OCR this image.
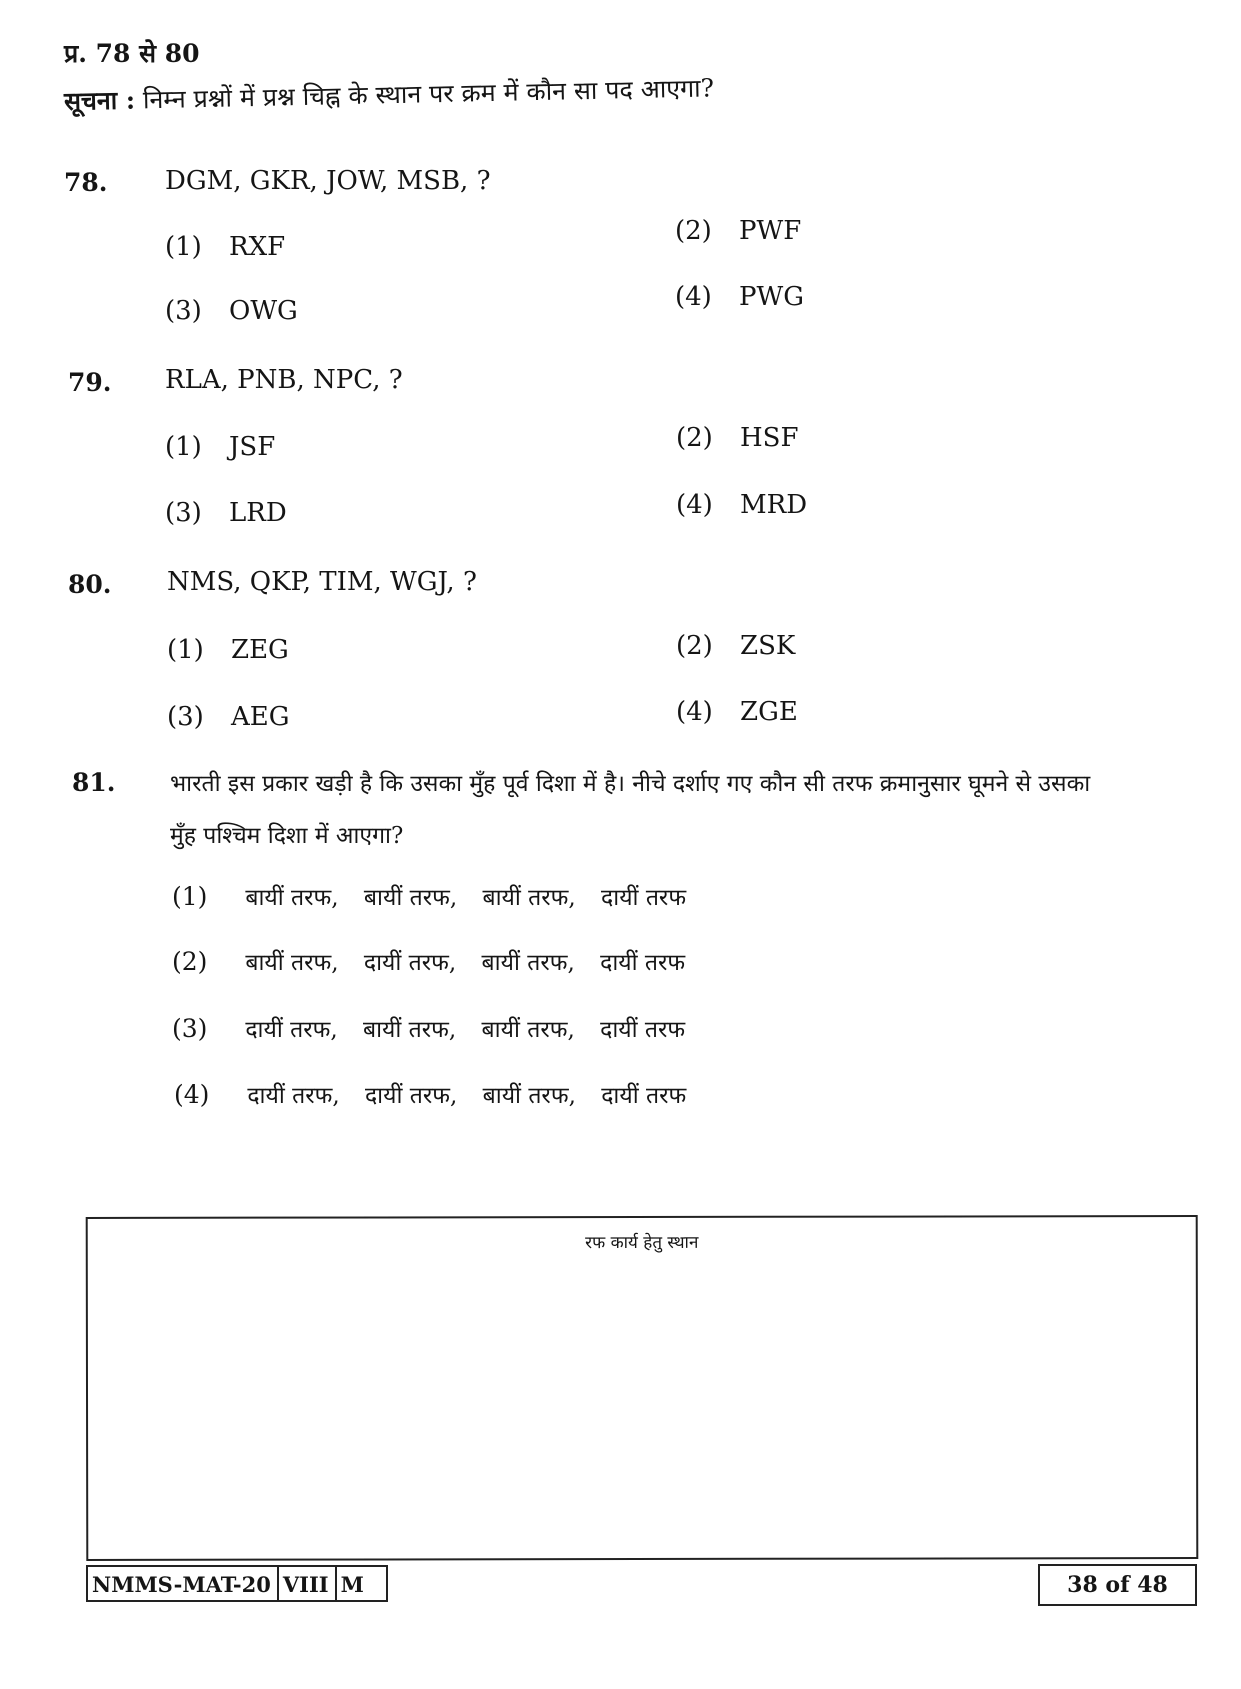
प्र. 78 से 80
सूचना : निम्न प्रश्नों में प्रश्न चिह्न के स्थान पर क्रम में कौन सा पद आएगा?
78. DGM, GKR, JOW, MSB, ?
(1) RXF
(2) PWF
(3) OWG	(4) PWG
79. RLA, PNB, NPC, ?
(1) JSF	(2) HSF
(3) LRD	(4) MRD
80. NMS, QKP, TIM, WGJ, ?
(1) ZEG	(2) ZSK
(3) AEG	(4) ZGE
81. भारती इस प्रकार खड़ी है कि उसका मुँह पूर्व दिशा में है। नीचे दर्शाए गए कौन सी तरफ क्रमानुसार घूमने से उसका
मुँह पश्चिम दिशा में आएगा?
(1) बायीं तरफ, बायीं तरफ, बायीं तरफ, दायीं तरफ
(2) बायीं तरफ, दायीं तरफ, बायीं तरफ, दायीं तरफ
(3) दायीं तरफ, बायीं तरफ, बायीं तरफ, दायीं तरफ
(4) दायीं तरफ, दायीं तरफ, बायीं तरफ, दायीं तरफ
रफ कार्य हेतु स्थान
NMMS-MAT-20 VIII M	38 of 48
